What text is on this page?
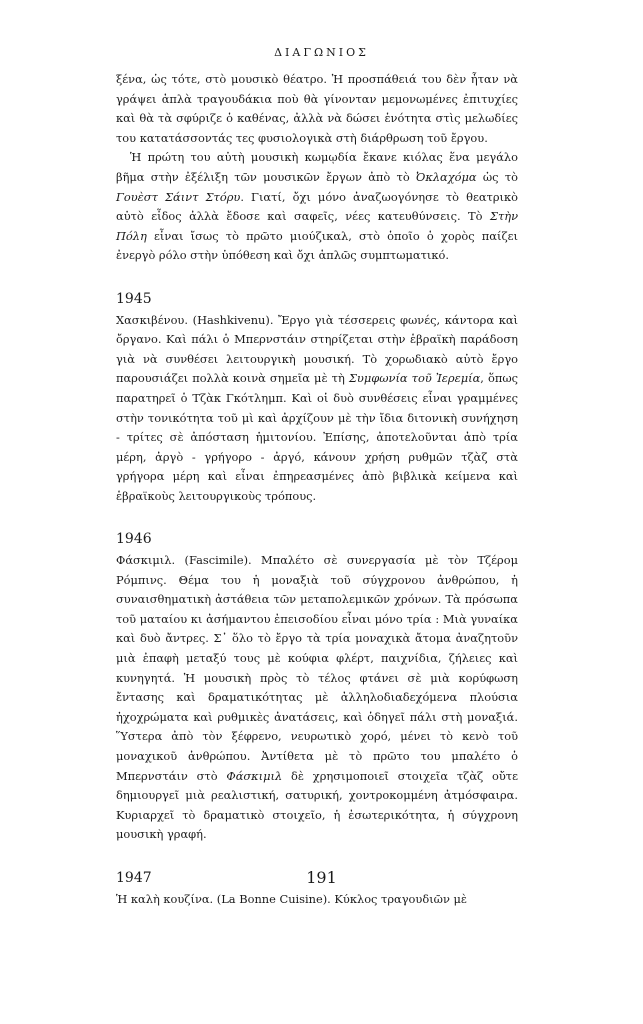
ΔΙΑΓΩΝΙΟΣ

ξένα, ὡς τότε, στὸ μουσικὸ θέατρο. Ἡ προσπάθειά του δὲν ἦταν νὰ γράψει ἁπλὰ τραγουδάκια ποὺ θὰ γίνονταν μεμονωμένες ἐπιτυχίες καὶ θὰ τὰ σφύριζε ὁ καθένας, ἀλλὰ νὰ δώσει ἑνότητα στὶς μελωδίες του κατατάσσοντάς τες φυσιολογικὰ στὴ διάρθρωση τοῦ ἔργου.

Ἡ πρώτη του αὐτὴ μουσικὴ κωμῳδία ἔκανε κιόλας ἕνα μεγάλο βῆμα στὴν ἐξέλιξη τῶν μουσικῶν ἔργων ἀπὸ τὸ Ὀκλαχόμα ὡς τὸ Γουὲστ Σάιντ Στόρυ. Γιατί, ὄχι μόνο ἀναζωογόνησε τὸ θεατρικὸ αὐτὸ εἶδος ἀλλὰ ἔδοσε καὶ σαφεῖς, νέες κατευθύνσεις. Τὸ Στὴν Πόλη εἶναι ἴσως τὸ πρῶτο μιούζικαλ, στὸ ὁποῖο ὁ χορὸς παίζει ἐνεργὸ ρόλο στὴν ὑπόθεση καὶ ὄχι ἁπλῶς συμπτωματικό.

1945

Χασκιβένου. (Hashkivenu). Ἔργο γιὰ τέσσερεις φωνές, κάντορα καὶ ὄργανο. Καὶ πάλι ὁ Μπερνστάιν στηρίζεται στὴν ἑβραϊκὴ παράδοση γιὰ νὰ συνθέσει λειτουργικὴ μουσική. Τὸ χορωδιακὸ αὐτὸ ἔργο παρουσιάζει πολλὰ κοινὰ σημεῖα μὲ τὴ Συμφωνία τοῦ Ἰερεμία, ὅπως παρατηρεῖ ὁ Τζὰκ Γκότλημπ. Καὶ οἱ δυὸ συνθέσεις εἶναι γραμμένες στὴν τονικότητα τοῦ μὶ καὶ ἀρχίζουν μὲ τὴν ἴδια διτονικὴ συνήχηση - τρίτες σὲ ἀπόσταση ἡμιτονίου. Ἐπίσης, ἀποτελοῦνται ἀπὸ τρία μέρη, ἀργὸ - γρήγορο - ἀργό, κάνουν χρήση ρυθμῶν τζὰζ στὰ γρήγορα μέρη καὶ εἶναι ἐπηρεασμένες ἀπὸ βιβλικὰ κείμενα καὶ ἑβραϊκοὺς λειτουργικοὺς τρόπους.

1946

Φάσκιμιλ. (Fascimile). Μπαλέτο σὲ συνεργασία μὲ τὸν Τζέρομ Ρόμπινς. Θέμα του ἡ μοναξιὰ τοῦ σύγχρονου ἀνθρώπου, ἡ συναισθηματικὴ ἀστάθεια τῶν μεταπολεμικῶν χρόνων. Τὰ πρόσωπα τοῦ ματαίου κι ἀσήμαντου ἐπεισοδίου εἶναι μόνο τρία : Μιὰ γυναίκα καὶ δυὸ ἄντρες. Σ᾿ ὅλο τὸ ἔργο τὰ τρία μοναχικὰ ἄτομα ἀναζητοῦν μιὰ ἐπαφὴ μεταξύ τους μὲ κούφια φλέρτ, παιχνίδια, ζήλειες καὶ κυνηγητά. Ἡ μουσικὴ πρὸς τὸ τέλος φτάνει σὲ μιὰ κορύφωση ἔντασης καὶ δραματικότητας μὲ ἀλληλοδιαδεχόμενα πλούσια ἠχοχρώματα καὶ ρυθμικὲς ἀνατάσεις, καὶ ὁδηγεῖ πάλι στὴ μοναξιά. Ὕστερα ἀπὸ τὸν ξέφρενο, νευρωτικὸ χορό, μένει τὸ κενὸ τοῦ μοναχικοῦ ἀνθρώπου. Ἀντίθετα μὲ τὸ πρῶτο του μπαλέτο ὁ Μπερνστάιν στὸ Φάσκιμιλ δὲ χρησιμοποιεῖ στοιχεῖα τζὰζ οὔτε δημιουργεῖ μιὰ ρεαλιστική, σατυρική, χοντροκομμένη ἀτμόσφαιρα. Κυριαρχεῖ τὸ δραματικὸ στοιχεῖο, ἡ ἐσωτερικότητα, ἡ σύγχρονη μουσικὴ γραφή.

1947

Ἡ καλὴ κουζίνα. (La Bonne Cuisine). Κύκλος τραγουδιῶν μὲ

191
